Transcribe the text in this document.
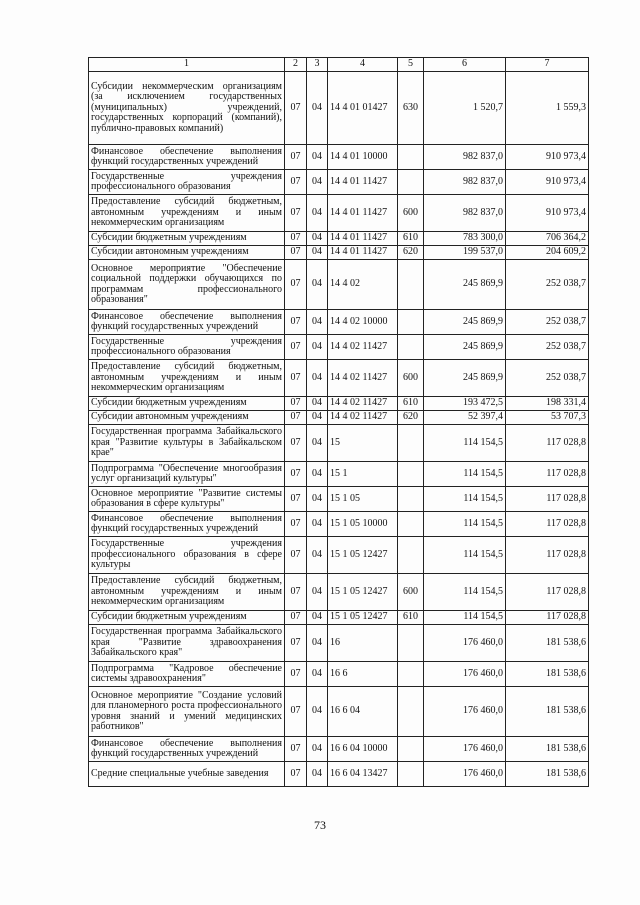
1	2	3	4	5	6	7
Субсидии некоммерческим организациям (за исключением государственных (муниципальных) учреждений, государственных корпораций (компаний), публично-правовых компаний)	07	04	14 4 01 01427	630	1 520,7	1 559,3
Финансовое обеспечение выполнения функций государственных учреждений	07	04	14 4 01 10000		982 837,0	910 973,4
Государственные учреждения профессионального образования	07	04	14 4 01 11427		982 837,0	910 973,4
Предоставление субсидий бюджетным, автономным учреждениям и иным некоммерческим организациям	07	04	14 4 01 11427	600	982 837,0	910 973,4
Субсидии бюджетным учреждениям	07	04	14 4 01 11427	610	783 300,0	706 364,2
Субсидии автономным учреждениям	07	04	14 4 01 11427	620	199 537,0	204 609,2
Основное мероприятие "Обеспечение социальной поддержки обучающихся по программам профессионального образования"	07	04	14 4 02		245 869,9	252 038,7
Финансовое обеспечение выполнения функций государственных учреждений	07	04	14 4 02 10000		245 869,9	252 038,7
Государственные учреждения профессионального образования	07	04	14 4 02 11427		245 869,9	252 038,7
Предоставление субсидий бюджетным, автономным учреждениям и иным некоммерческим организациям	07	04	14 4 02 11427	600	245 869,9	252 038,7
Субсидии бюджетным учреждениям	07	04	14 4 02 11427	610	193 472,5	198 331,4
Субсидии автономным учреждениям	07	04	14 4 02 11427	620	52 397,4	53 707,3
Государственная программа Забайкальского края "Развитие культуры в Забайкальском крае"	07	04	15		114 154,5	117 028,8
Подпрограмма "Обеспечение многообразия услуг организаций культуры"	07	04	15 1		114 154,5	117 028,8
Основное мероприятие "Развитие системы образования в сфере культуры"	07	04	15 1 05		114 154,5	117 028,8
Финансовое обеспечение выполнения функций государственных учреждений	07	04	15 1 05 10000		114 154,5	117 028,8
Государственные учреждения профессионального образования в сфере культуры	07	04	15 1 05 12427		114 154,5	117 028,8
Предоставление субсидий бюджетным, автономным учреждениям и иным некоммерческим организациям	07	04	15 1 05 12427	600	114 154,5	117 028,8
Субсидии бюджетным учреждениям	07	04	15 1 05 12427	610	114 154,5	117 028,8
Государственная программа Забайкальского края "Развитие здравоохранения Забайкальского края"	07	04	16		176 460,0	181 538,6
Подпрограмма "Кадровое обеспечение системы здравоохранения"	07	04	16 6		176 460,0	181 538,6
Основное мероприятие "Создание условий для планомерного роста профессионального уровня знаний и умений медицинских работников"	07	04	16 6 04		176 460,0	181 538,6
Финансовое обеспечение выполнения функций государственных учреждений	07	04	16 6 04 10000		176 460,0	181 538,6
Средние специальные учебные заведения	07	04	16 6 04 13427		176 460,0	181 538,6
73
